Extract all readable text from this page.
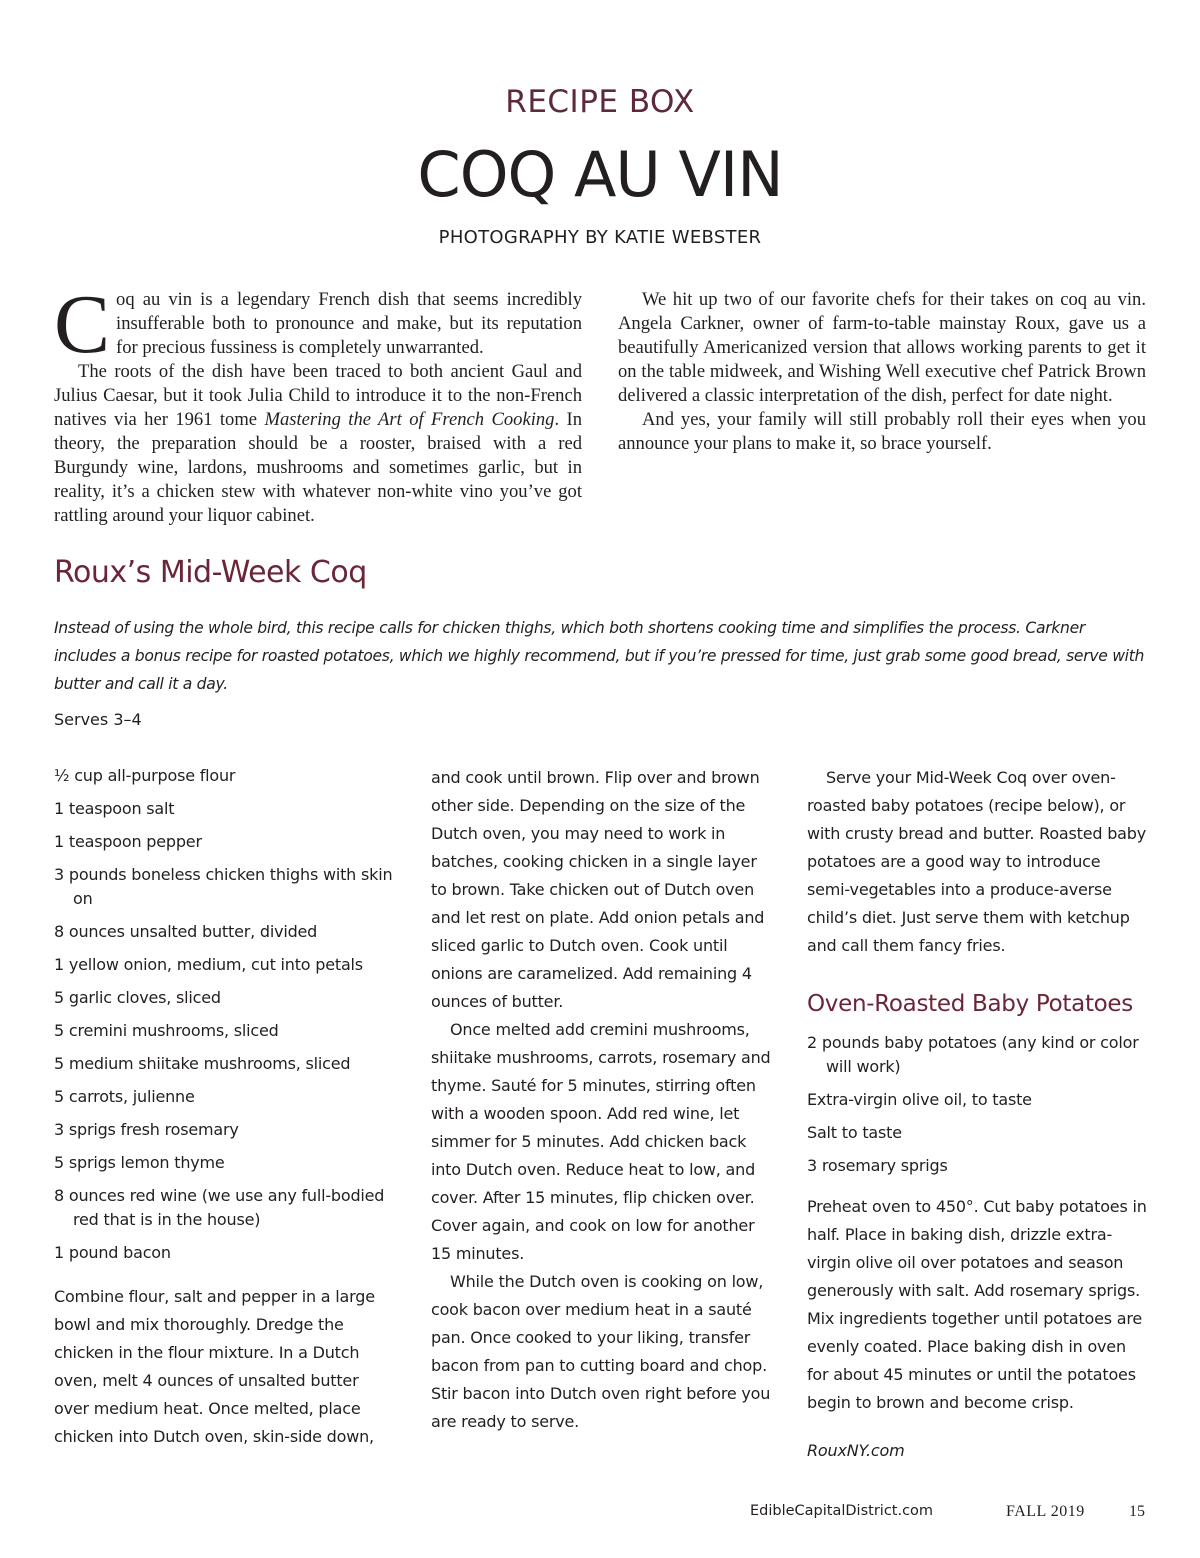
RECIPE BOX
COQ AU VIN
PHOTOGRAPHY BY KATIE WEBSTER

Coq au vin is a legendary French dish that seems incredibly insufferable both to pronounce and make, but its reputation for precious fussiness is completely unwarranted.

The roots of the dish have been traced to both ancient Gaul and Julius Caesar, but it took Julia Child to introduce it to the non-French natives via her 1961 tome Mastering the Art of French Cooking. In theory, the preparation should be a rooster, braised with a red Burgundy wine, lardons, mushrooms and sometimes garlic, but in reality, it’s a chicken stew with whatever non-white vino you’ve got rattling around your liquor cabinet.

We hit up two of our favorite chefs for their takes on coq au vin. Angela Carkner, owner of farm-to-table mainstay Roux, gave us a beautifully Americanized version that allows working parents to get it on the table midweek, and Wishing Well executive chef Patrick Brown delivered a classic interpretation of the dish, perfect for date night.

And yes, your family will still probably roll their eyes when you announce your plans to make it, so brace yourself.

Roux’s Mid-Week Coq

Instead of using the whole bird, this recipe calls for chicken thighs, which both shortens cooking time and simplifies the process. Carkner includes a bonus recipe for roasted potatoes, which we highly recommend, but if you’re pressed for time, just grab some good bread, serve with butter and call it a day.

Serves 3–4
½ cup all-purpose flour
1 teaspoon salt
1 teaspoon pepper
3 pounds boneless chicken thighs with skin on
8 ounces unsalted butter, divided
1 yellow onion, medium, cut into petals
5 garlic cloves, sliced
5 cremini mushrooms, sliced
5 medium shiitake mushrooms, sliced
5 carrots, julienne
3 sprigs fresh rosemary
5 sprigs lemon thyme
8 ounces red wine (we use any full-bodied red that is in the house)
1 pound bacon

Combine flour, salt and pepper in a large bowl and mix thoroughly. Dredge the chicken in the flour mixture. In a Dutch oven, melt 4 ounces of unsalted butter over medium heat. Once melted, place chicken into Dutch oven, skin-side down,

and cook until brown. Flip over and brown other side. Depending on the size of the Dutch oven, you may need to work in batches, cooking chicken in a single layer to brown. Take chicken out of Dutch oven and let rest on plate. Add onion petals and sliced garlic to Dutch oven. Cook until onions are caramelized. Add remaining 4 ounces of butter.

Once melted add cremini mushrooms, shiitake mushrooms, carrots, rosemary and thyme. Sauté for 5 minutes, stirring often with a wooden spoon. Add red wine, let simmer for 5 minutes. Add chicken back into Dutch oven. Reduce heat to low, and cover. After 15 minutes, flip chicken over. Cover again, and cook on low for another 15 minutes.

While the Dutch oven is cooking on low, cook bacon over medium heat in a sauté pan. Once cooked to your liking, transfer bacon from pan to cutting board and chop. Stir bacon into Dutch oven right before you are ready to serve.

Serve your Mid-Week Coq over oven-roasted baby potatoes (recipe below), or with crusty bread and butter. Roasted baby potatoes are a good way to introduce semi-vegetables into a produce-averse child’s diet. Just serve them with ketchup and call them fancy fries.

Oven-Roasted Baby Potatoes
2 pounds baby potatoes (any kind or color will work)
Extra-virgin olive oil, to taste
Salt to taste
3 rosemary sprigs

Preheat oven to 450°. Cut baby potatoes in half. Place in baking dish, drizzle extra-virgin olive oil over potatoes and season generously with salt. Add rosemary sprigs. Mix ingredients together until potatoes are evenly coated. Place baking dish in oven for about 45 minutes or until the potatoes begin to brown and become crisp.

RouxNY.com

EdibleCapitalDistrict.com	FALL 2019	15
